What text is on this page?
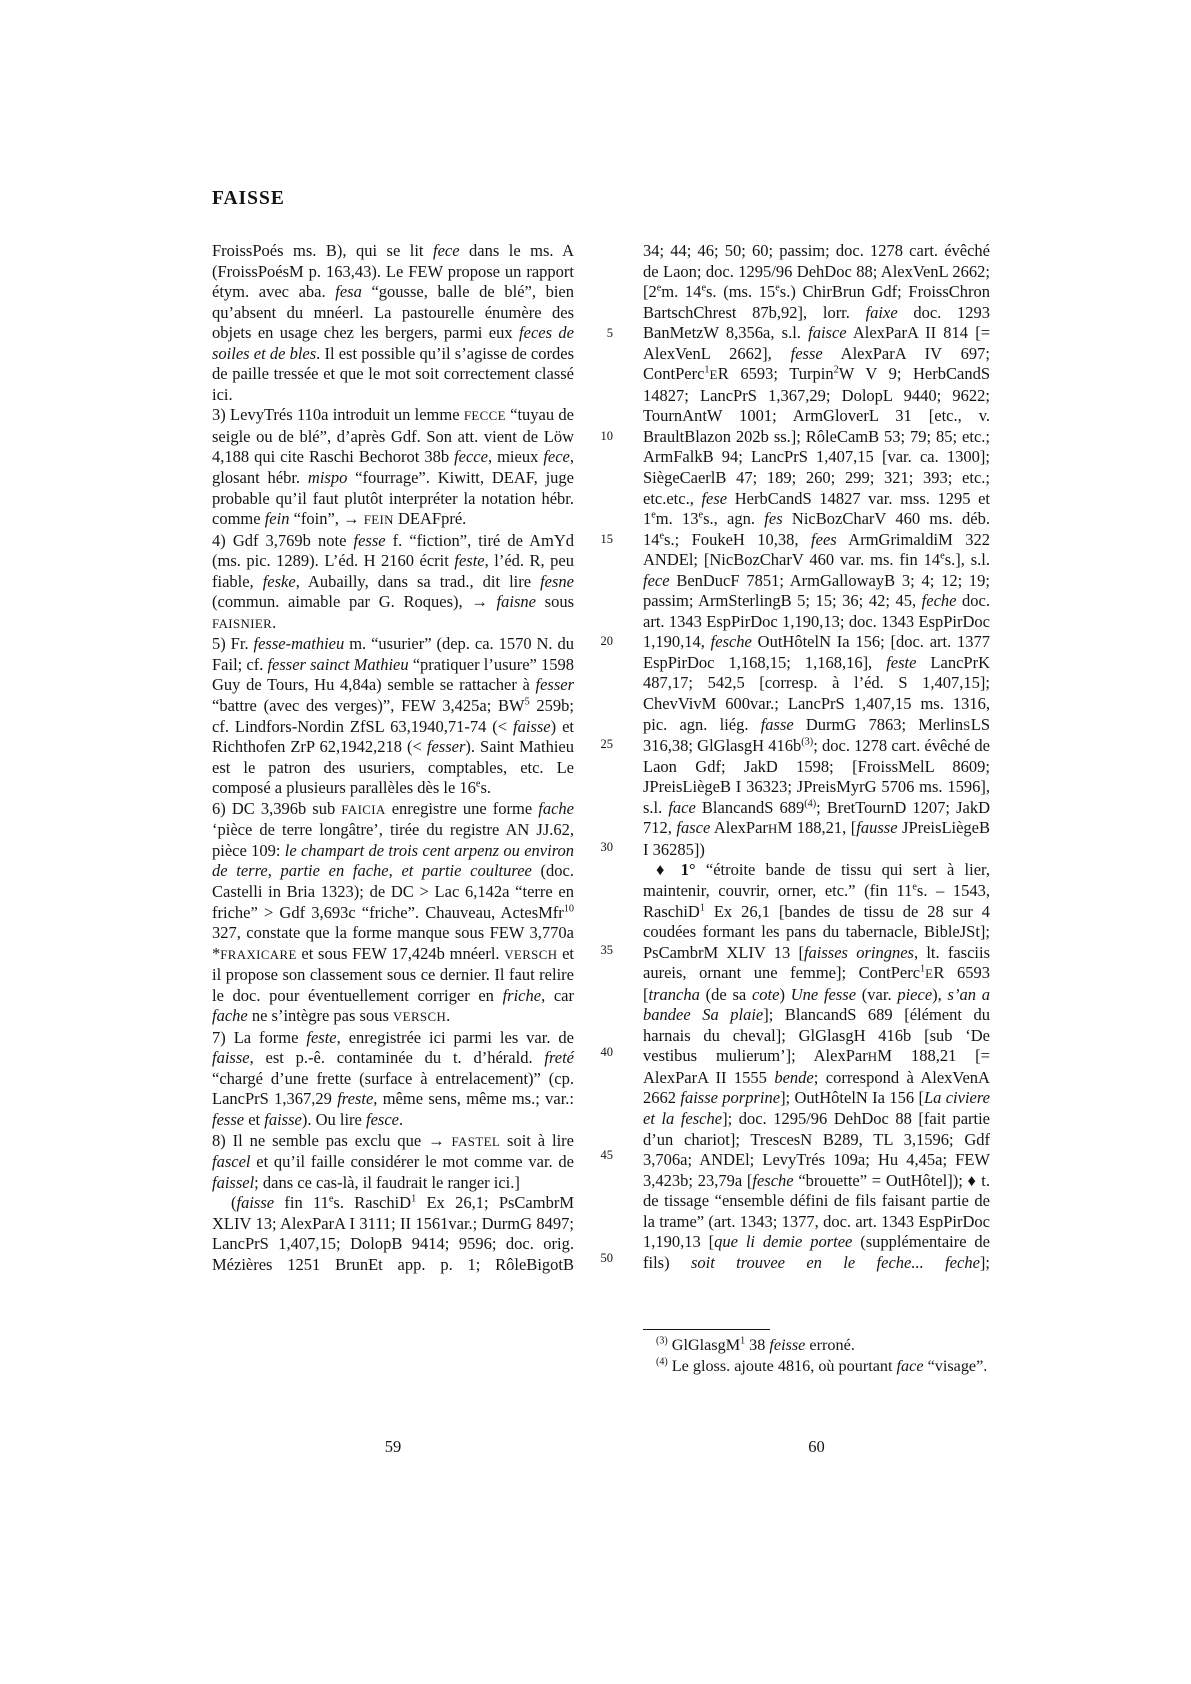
FAISSE

FroissPoés ms. B), qui se lit fece dans le ms. A (FroissPoésM p. 163,43). Le FEW propose un rapport étym. avec aba. fesa “gousse, balle de blé”, bien qu’absent du mnéerl. La pastourelle énumère des objets en usage chez les bergers, parmi eux feces de soiles et de bles. Il est possible qu’il s’agisse de cordes de paille tressée et que le mot soit correctement classé ici.

3) LevyTrés 110a introduit un lemme FECCE “tuyau de seigle ou de blé”, d’après Gdf. Son att. vient de Löw 4,188 qui cite Raschi Bechorot 38b fecce, mieux fece, glosant hébr. mispo “fourrage”. Kiwitt, DEAF, juge probable qu’il faut plutôt interpréter la notation hébr. comme fein “foin”, → FEIN DEAFpré.

4) Gdf 3,769b note fesse f. “fiction”, tiré de AmYd (ms. pic. 1289). L’éd. H 2160 écrit feste, l’éd. R, peu fiable, feske, Aubailly, dans sa trad., dit lire fesne (commun. aimable par G. Roques), → faisne sous FAISNIER.

5) Fr. fesse-mathieu m. “usurier” (dep. ca. 1570 N. du Fail; cf. fesser sainct Mathieu “pratiquer l’usure” 1598 Guy de Tours, Hu 4,84a) semble se rattacher à fesser “battre (avec des verges)”, FEW 3,425a; $BW^5$ 259b; cf. Lindfors-Nordin ZfSL 63,1940,71-74 (< faisse) et Richthofen ZrP 62,1942,218 (< fesser). Saint Mathieu est le patron des usuriers, comptables, etc. Le composé a plusieurs parallèles dès le 16es.

6) DC 3,396b sub FAICIA enregistre une forme fache ‘pièce de terre longâtre’, tirée du registre AN JJ.62, pièce 109: le champart de trois cent arpenz ou environ de terre, partie en fache, et partie coulturee (doc. Castelli in Bria 1323); de DC > Lac 6,142a “terre en friche” > Gdf 3,693c “friche”. Chauveau, ActesMfr$^{10}$ 327, constate que la forme manque sous FEW 3,770a *FRAXICARE et sous FEW 17,424b mnéerl. VERSCH et il propose son classement sous ce dernier. Il faut relire le doc. pour éventuellement corriger en friche, car fache ne s’intègre pas sous VERSCH.

7) La forme feste, enregistrée ici parmi les var. de faisse, est p.-ê. contaminée du t. d’hérald. freté “chargé d’une frette (surface à entrelacement)” (cp. LancPrS 1,367,29 freste, même sens, même ms.; var.: fesse et faisse). Ou lire fesce.

8) Il ne semble pas exclu que → FASTEL soit à lire fascel et qu’il faille considérer le mot comme var. de faissel; dans ce cas-là, il faudrait le ranger ici.]

(faisse fin 11es. RaschiD$^1$ Ex 26,1; PsCambrM XLIV 13; AlexParA I 3111; II 1561var.; DurmG 8497; LancPrS 1,407,15; DolopB 9414; 9596; doc. orig. Mézières 1251 BrunEt app. p. 1; RôleBigotB

5
10
15
20
25
30
35
40
45
50

34; 44; 46; 50; 60; passim; doc. 1278 cart. évêché de Laon; doc. 1295/96 DehDoc 88; AlexVenL 2662; [2em. 14es. (ms. 15es.) ChirBrun Gdf; FroissChron BartschChrest 87b,92], lorr. faixe doc. 1293 BanMetzW 8,356a, s.l. faisce AlexParA II 814 [= AlexVenL 2662], fesse AlexParA IV 697; ContPerc$^1$ER 6593; Turpin$^2$W V 9; HerbCandS 14827; LancPrS 1,367,29; DolopL 9440; 9622; TournAntW 1001; ArmGloverL 31 [etc., v. BraultBlazon 202b ss.]; RôleCamB 53; 79; 85; etc.; ArmFalkB 94; LancPrS 1,407,15 [var. ca. 1300]; SiègeCaerlB 47; 189; 260; 299; 321; 393; etc.; etc.etc., fese HerbCandS 14827 var. mss. 1295 et 1em. 13es., agn. fes NicBozCharV 460 ms. déb. 14es.; FoukeH 10,38, fees ArmGrimaldiM 322 ANDEl; [NicBozCharV 460 var. ms. fin 14es.], s.l. fece BenDucF 7851; ArmGallowayB 3; 4; 12; 19; passim; ArmSterlingB 5; 15; 36; 42; 45, feche doc. art. 1343 EspPirDoc 1,190,13; doc. 1343 EspPirDoc 1,190,14, fesche OutHôtelN Ia 156; [doc. art. 1377 EspPirDoc 1,168,15; 1,168,16], feste LancPrK 487,17; 542,5 [corresp. à l’éd. S 1,407,15]; ChevVivM 600var.; LancPrS 1,407,15 ms. 1316, pic. agn. liég. fasse DurmG 7863; MerlinSLS 316,38; GlGlasgH $416b^{(3)}$; doc. 1278 cart. évêché de Laon Gdf; JakD 1598; [FroissMelL 8609; JPreisLiègeB I 36323; JPreisMyrG 5706 ms. 1596], s.l. face BlancandS 689$^{(4)}$; BretTournD 1207; JakD 712, fasce AlexParHM 188,21, [fausse JPreisLiègeB I 36285])

♦ 1° “étroite bande de tissu qui sert à lier, maintenir, couvrir, orner, etc.” (fin 11es. – 1543, RaschiD$^1$ Ex 26,1 [bandes de tissu de 28 sur 4 coudées formant les pans du tabernacle, BibleJSt]; PsCambrM XLIV 13 [faisses oringnes, lt. fasciis aureis, ornant une femme]; ContPerc$^1$ER 6593 [trancha (de sa cote) Une fesse (var. piece), s’an a bandee Sa plaie]; BlancandS 689 [élément du harnais du cheval]; GlGlasgH 416b [sub ‘De vestibus mulierum’]; AlexParHM 188,21 [= AlexParA II 1555 bende; correspond à AlexVenA 2662 faisse porprine]; OutHôtelN Ia 156 [La civiere et la fesche]; doc. 1295/96 DehDoc 88 [fait partie d’un chariot]; TrescesN B289, TL 3,1596; Gdf 3,706a; ANDEl; LevyTrés 109a; Hu 4,45a; FEW 3,423b; 23,79a [fesche “brouette” = OutHôtel]); ♦ t. de tissage “ensemble défini de fils faisant partie de la trame” (art. 1343; 1377, doc. art. 1343 EspPirDoc 1,190,13 [que li demie portee (supplémentaire de fils) soit trouvee en le feche... feche];

$^{(3)}$ GlGlasgM$^1$ 38 feisse erroné.

$^{(4)}$ Le gloss. ajoute 4816, où pourtant face “visage”.

59	60
